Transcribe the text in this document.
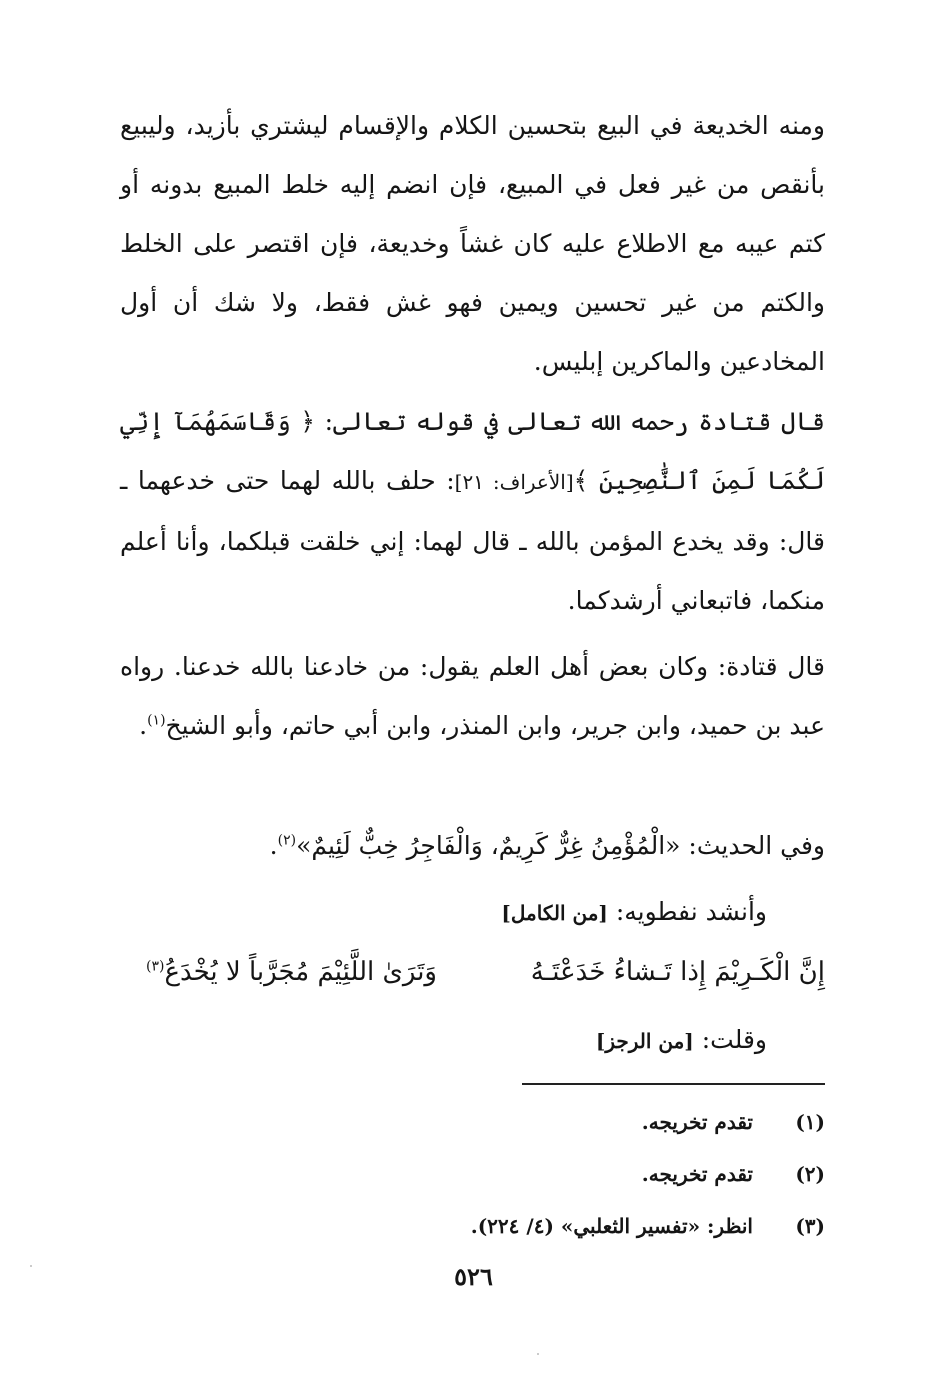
ومنه الخديعة في البيع بتحسين الكلام والإقسام ليشتري بأزيد، وليبيع بأنقص من غير فعل في المبيع، فإن انضم إليه خلط المبيع بدونه أو كتم عيبه مع الاطلاع عليه كان غشاً وخديعة، فإن اقتصر على الخلط والكتم من غير تحسين ويمين فهو غش فقط، ولا شك أن أول المخادعين والماكرين إبليس.

قال قتادة رحمه الله تعالى في قوله تعالى: ﴿ وَقَاسَمَهُمَآ إِنِّي لَكُمَا لَمِنَ ٱلنَّٰصِحِينَ ﴾[الأعراف: ٢١]: حلف بالله لهما حتى خدعهما ـ قال: وقد يخدع المؤمن بالله ـ قال لهما: إني خلقت قبلكما، وأنا أعلم منكما، فاتبعاني أرشدكما.

قال قتادة: وكان بعض أهل العلم يقول: من خادعنا بالله خدعنا. رواه عبد بن حميد، وابن جرير، وابن المنذر، وابن أبي حاتم، وأبو الشيخ$^{(١)}$.

وفي الحديث: «الْمُؤْمِنُ غِرٌّ كَرِيمٌ، وَالْفَاجِرُ خِبٌّ لَئِيمٌ»$^{(٢)}$.
وأنشد نفطويه: [من الكامل]
إِنَّ الْكَـرِيْمَ إِذا تَـشاءُ خَدَعْتَـهُ
وَتَرَىٰ اللَّئِيْمَ مُجَرَّباً لا يُخْدَعُ$^{(٣)}$
وقلت: [من الرجز]
(١)
تقدم تخريجه.
(٢)
تقدم تخريجه.
(٣)
انظر: «تفسير الثعلبي» (٤/ ٢٢٤).
٥٢٦
